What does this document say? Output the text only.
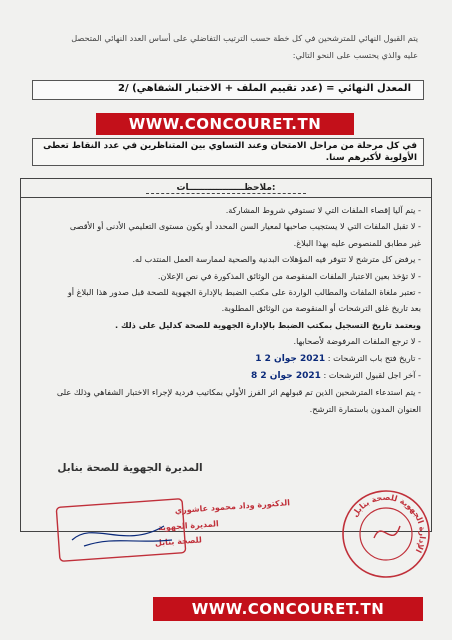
يتم القبول النهائي للمترشحين في كل خطة حسب الترتيب التفاضلي على أساس العدد النهائي المتحصل
عليه والذي يحتسب على النحو التالي:
المعدل النهائي = (عدد تقييم الملف + الاختبار الشفاهي) /2
WWW.CONCOURET.TN
في كل مرحلة من مراحل الامتحان وعند التساوي بين المتناظرين في عدد النقاط تعطى الأولوية لأكبرهم سنا.
ملاحظــــــــــــــــــات:
- يتم آليا إقصاء الملفات التي لا تستوفي شروط المشاركة.
- لا تقبل الملفات التي لا يستجيب صاحبها لمعيار السن المحدد أو يكون مستوى التعليمي الأدنى أو الأقصى
غير مطابق للمنصوص عليه بهذا البلاغ.
- يرفض كل مترشح لا تتوفر فيه المؤهلات البدنية والصحية لممارسة العمل المنتدب له.
- لا تؤخذ بعين الاعتبار الملفات المنقوصة من الوثائق المذكورة في نص الإعلان.
- تعتبر ملغاة الملفات والمطالب الواردة على مكتب الضبط بالإدارة الجهوية للصحة قبل صدور هذا البلاغ أو
بعد تاريخ غلق الترشحات أو المنقوصة من الوثائق المطلوبة.
ويعتمد تاريخ التسجيل بمكتب الضبط بالإدارة الجهوية للصحة كدليل على ذلك .
- لا ترجع الملفات المرفوضة لأصحابها.
- تاريخ فتح باب الترشحات : 2021 جوان 2 1
- آخر اجل لقبول الترشحات : 2021 جوان 2 8
- يتم استدعاء المترشحين الذين تم قبولهم اثر الفرز الأولي بمكاتيب فردية لإجراء الاختبار الشفاهي وذلك على
العنوان المدون باستمارة الترشح.
المديرة الجهوية للصحة بنابل
الدكتورة وداد محمود عاشوري
المديرة الجهوية
للصحة بنابل
الإدارة الجهوية للصحة بنابل
WWW.CONCOURET.TN
